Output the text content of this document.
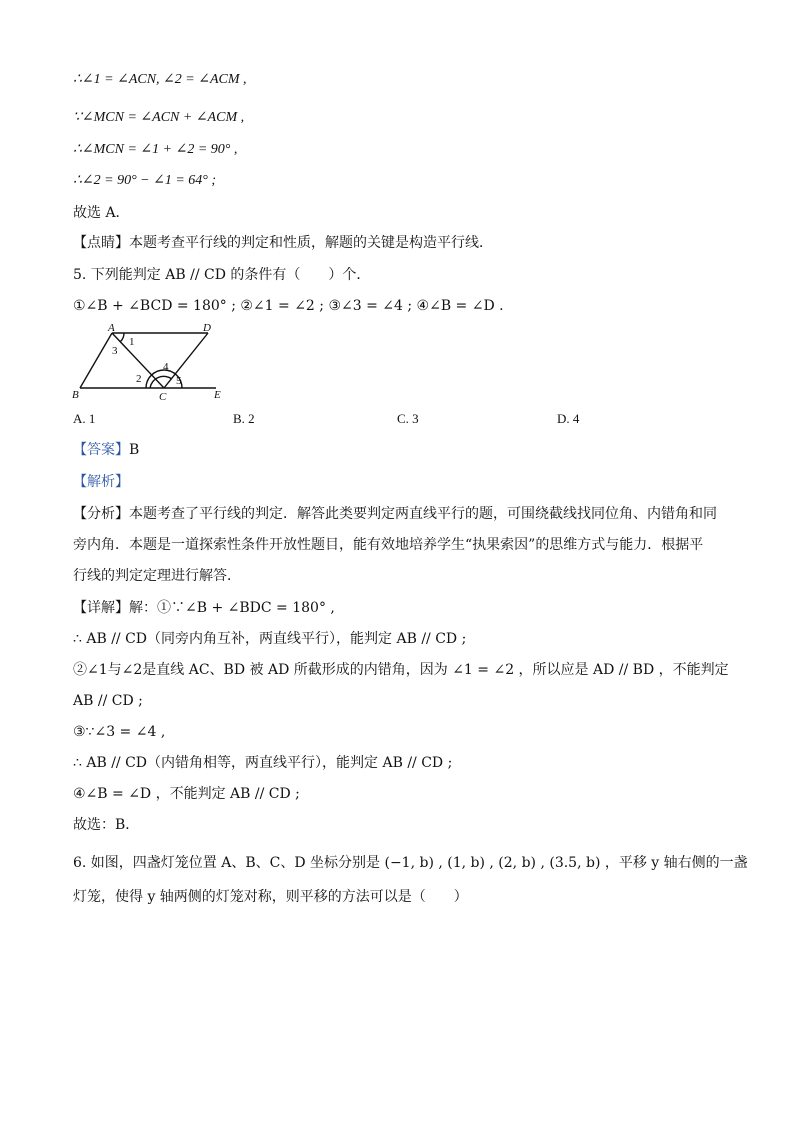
∴∠1 = ∠ACN, ∠2 = ∠ACM ,
∵∠MCN = ∠ACN + ∠ACM ,
∴∠MCN = ∠1 + ∠2 = 90° ,
∴∠2 = 90° − ∠1 = 64° ;
故选 A．
【点睛】本题考查平行线的判定和性质，解题的关键是构造平行线．
5. 下列能判定 AB // CD 的条件有（　　）个．
①∠B + ∠BCD = 180° ; ②∠1 = ∠2 ; ③∠3 = ∠4 ; ④∠B = ∠D .
A	D
B	C	E
1
2
3
4
5
A. 1	B. 2	C. 3	D. 4
【答案】B
【解析】
【分析】本题考查了平行线的判定．解答此类要判定两直线平行的题，可围绕截线找同位角、内错角和同
旁内角．本题是一道探索性条件开放性题目，能有效地培养学生“执果索因”的思维方式与能力．根据平
行线的判定定理进行解答．
【详解】解：①∵∠B + ∠BDC = 180° ,
∴ AB // CD（同旁内角互补，两直线平行），能判定 AB // CD ;
②∠1与∠2是直线 AC、BD 被 AD 所截形成的内错角，因为 ∠1 = ∠2 ，所以应是 AD // BD ，不能判定
AB // CD ;
③∵∠3 = ∠4 ,
∴ AB // CD（内错角相等，两直线平行），能判定 AB // CD ;
④∠B = ∠D ，不能判定 AB // CD ;
故选：B．
6. 如图，四盏灯笼位置 A、B、C、D 坐标分别是 (−1, b) , (1, b) , (2, b) , (3.5, b) ，平移 y 轴右侧的一盏
灯笼，使得 y 轴两侧的灯笼对称，则平移的方法可以是（　　）
